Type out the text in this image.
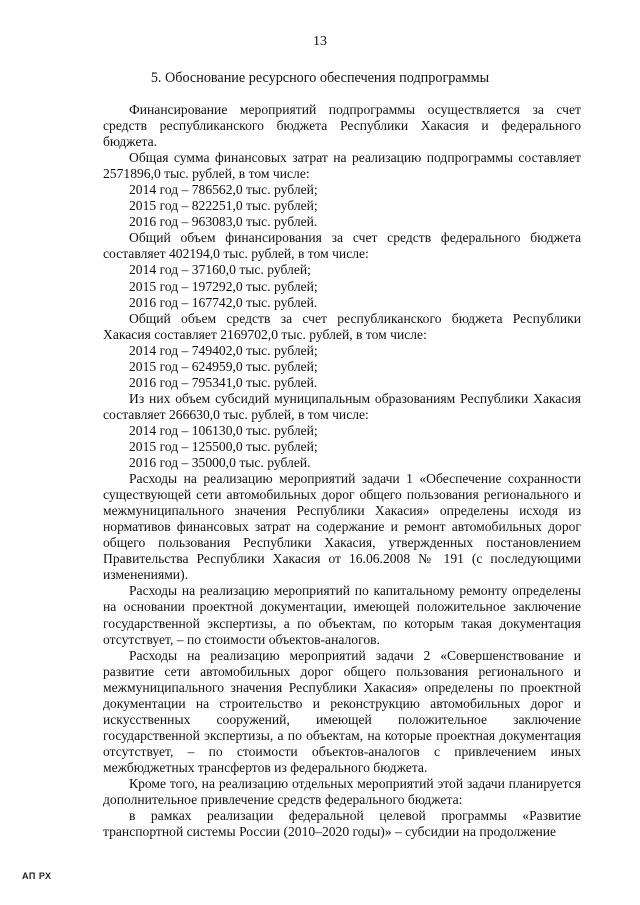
13
5. Обоснование ресурсного обеспечения подпрограммы

Финансирование мероприятий подпрограммы осуществляется за счет средств республиканского бюджета Республики Хакасия и федерального бюджета.

Общая сумма финансовых затрат на реализацию подпрограммы составляет 2571896,0 тыс. рублей, в том числе:

2014 год – 786562,0 тыс. рублей;

2015 год – 822251,0 тыс. рублей;

2016 год – 963083,0 тыс. рублей.

Общий объем финансирования за счет средств федерального бюджета составляет 402194,0 тыс. рублей, в том числе:

2014 год – 37160,0 тыс. рублей;

2015 год – 197292,0 тыс. рублей;

2016 год – 167742,0 тыс. рублей.

Общий объем средств за счет республиканского бюджета Республики Хакасия составляет 2169702,0 тыс. рублей, в том числе:

2014 год – 749402,0 тыс. рублей;

2015 год – 624959,0 тыс. рублей;

2016 год – 795341,0 тыс. рублей.

Из них объем субсидий муниципальным образованиям Республики Хакасия составляет 266630,0 тыс. рублей, в том числе:

2014 год – 106130,0 тыс. рублей;

2015 год – 125500,0 тыс. рублей;

2016 год – 35000,0 тыс. рублей.

Расходы на реализацию мероприятий задачи 1 «Обеспечение сохранности существующей сети автомобильных дорог общего пользования регионального и межмуниципального значения Республики Хакасия» определены исходя из нормативов финансовых затрат на содержание и ремонт автомобильных дорог общего пользования Республики Хакасия, утвержденных постановлением Правительства Республики Хакасия от 16.06.2008 № 191 (с последующими изменениями).

Расходы на реализацию мероприятий по капитальному ремонту определены на основании проектной документации, имеющей положительное заключение государственной экспертизы, а по объектам, по которым такая документация отсутствует, – по стоимости объектов-аналогов.

Расходы на реализацию мероприятий задачи 2 «Совершенствование и развитие сети автомобильных дорог общего пользования регионального и межмуниципального значения Республики Хакасия» определены по проектной документации на строительство и реконструкцию автомобильных дорог и искусственных сооружений, имеющей положительное заключение государственной экспертизы, а по объектам, на которые проектная документация отсутствует, – по стоимости объектов-аналогов с привлечением иных межбюджетных трансфертов из федерального бюджета.

Кроме того, на реализацию отдельных мероприятий этой задачи планируется дополнительное привлечение средств федерального бюджета:

в рамках реализации федеральной целевой программы «Развитие транспортной системы России (2010–2020 годы)» – субсидии на продолжение

АП РХ
